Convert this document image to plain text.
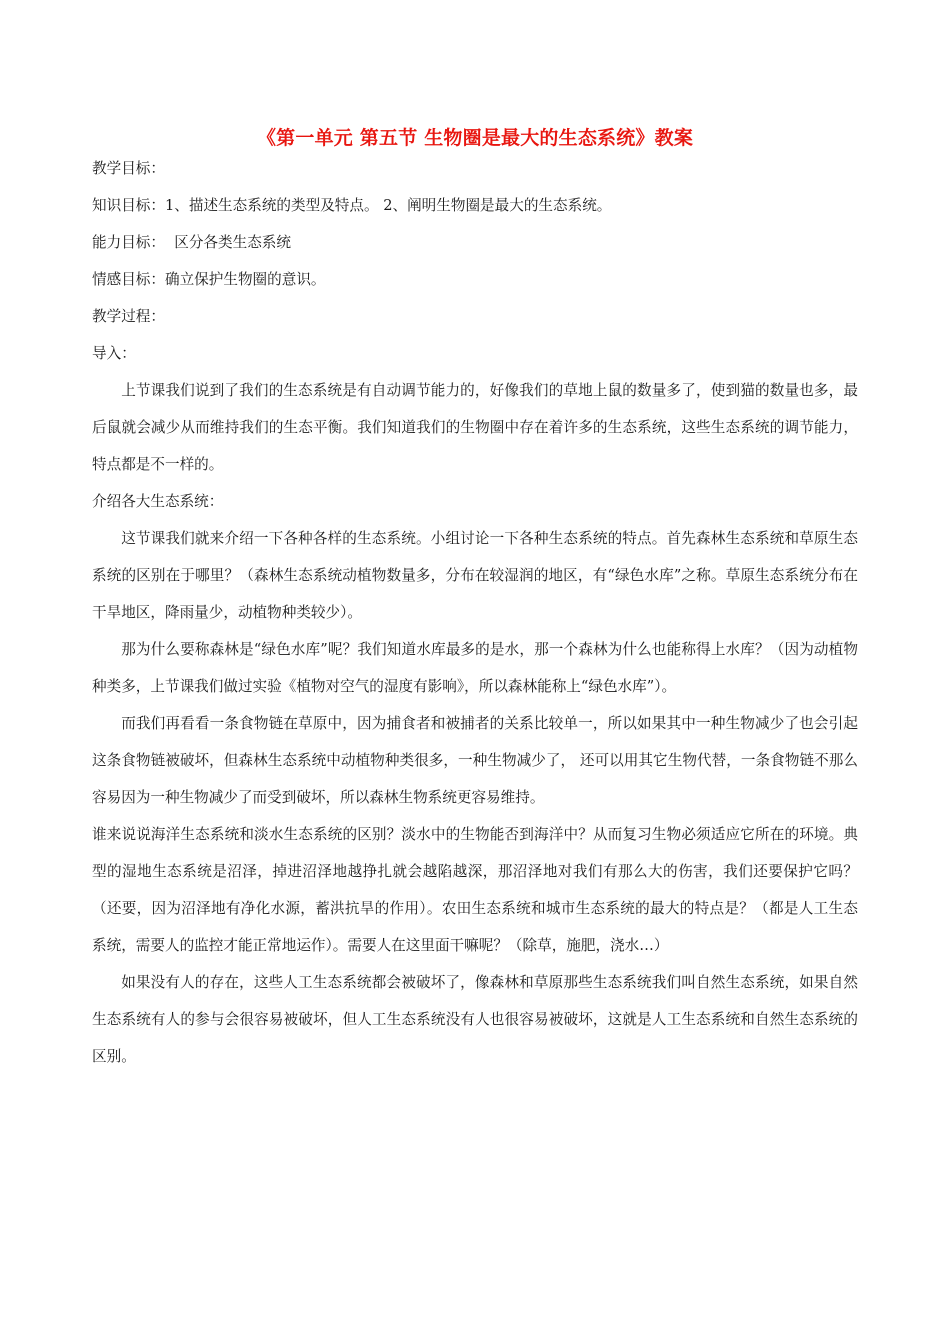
《第一单元 第五节 生物圈是最大的生态系统》教案

教学目标：

知识目标：1、描述生态系统的类型及特点。 2、阐明生物圈是最大的生态系统。

能力目标：  区分各类生态系统

情感目标：确立保护生物圈的意识。

教学过程：

导入：

上节课我们说到了我们的生态系统是有自动调节能力的，好像我们的草地上鼠的数量多了，使到猫的数量也多，最后鼠就会减少从而维持我们的生态平衡。我们知道我们的生物圈中存在着许多的生态系统，这些生态系统的调节能力，特点都是不一样的。

介绍各大生态系统：

这节课我们就来介绍一下各种各样的生态系统。小组讨论一下各种生态系统的特点。首先森林生态系统和草原生态系统的区别在于哪里？（森林生态系统动植物数量多，分布在较湿润的地区，有“绿色水库”之称。草原生态系统分布在干旱地区，降雨量少，动植物种类较少）。

那为什么要称森林是“绿色水库”呢？我们知道水库最多的是水，那一个森林为什么也能称得上水库？（因为动植物种类多，上节课我们做过实验《植物对空气的湿度有影响》，所以森林能称上“绿色水库”）。

而我们再看看一条食物链在草原中，因为捕食者和被捕者的关系比较单一，所以如果其中一种生物减少了也会引起这条食物链被破坏，但森林生态系统中动植物种类很多，一种生物减少了， 还可以用其它生物代替，一条食物链不那么容易因为一种生物减少了而受到破坏，所以森林生物系统更容易维持。

谁来说说海洋生态系统和淡水生态系统的区别？淡水中的生物能否到海洋中？从而复习生物必须适应它所在的环境。典型的湿地生态系统是沼泽，掉进沼泽地越挣扎就会越陷越深，那沼泽地对我们有那么大的伤害，我们还要保护它吗？（还要，因为沼泽地有净化水源，蓄洪抗旱的作用）。农田生态系统和城市生态系统的最大的特点是？（都是人工生态系统，需要人的监控才能正常地运作）。需要人在这里面干嘛呢？（除草，施肥，浇水…）

如果没有人的存在，这些人工生态系统都会被破坏了，像森林和草原那些生态系统我们叫自然生态系统，如果自然生态系统有人的参与会很容易被破坏，但人工生态系统没有人也很容易被破坏，这就是人工生态系统和自然生态系统的区别。
